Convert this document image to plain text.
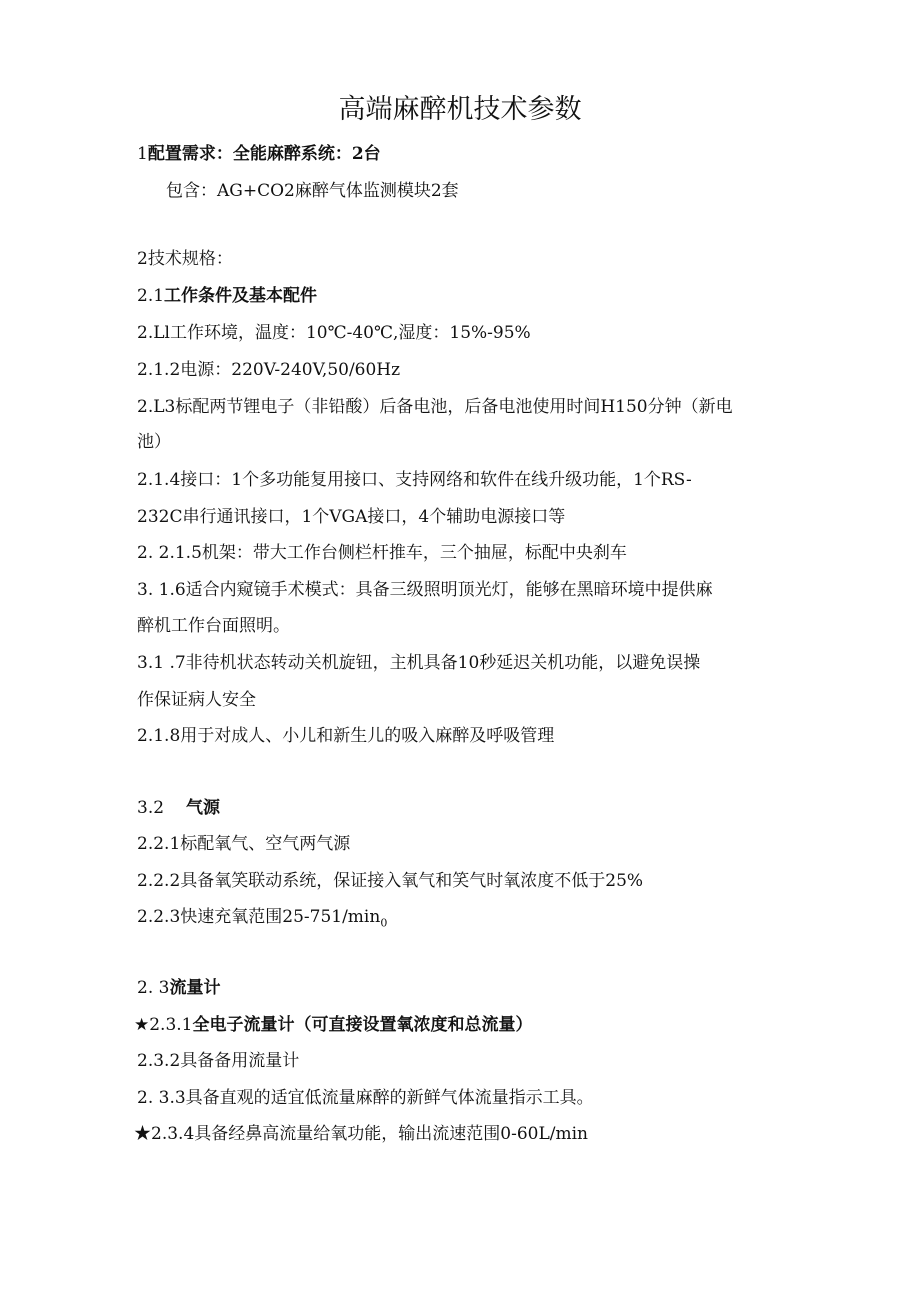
高端麻醉机技术参数
1配置需求：全能麻醉系统：2台
包含：AG+CO2麻醉气体监测模块2套
2技术规格：
2.1工作条件及基本配件
2.Ll工作环境，温度：10℃-40℃,湿度：15%-95%
2.1.2电源：220V-240V,50/60Hz
2.L3标配两节锂电子（非铅酸）后备电池，后备电池使用时间H150分钟（新电
池）
2.1.4接口：1个多功能复用接口、支持网络和软件在线升级功能，1个RS-
232C串行通讯接口，1个VGA接口，4个辅助电源接口等
2. 2.1.5机架：带大工作台侧栏杆推车，三个抽屉，标配中央刹车
3. 1.6适合内窥镜手术模式：具备三级照明顶光灯，能够在黑暗环境中提供麻
醉机工作台面照明。
3.1 .7非待机状态转动关机旋钮，主机具备10秒延迟关机功能，以避免误操
作保证病人安全
2.1.8用于对成人、小儿和新生儿的吸入麻醉及呼吸管理
3.2 气源
2.2.1标配氧气、空气两气源
2.2.2具备氧笑联动系统，保证接入氧气和笑气时氧浓度不低于25%
2.2.3快速充氧范围$25-751/\min_0$
2. 3流量计
★2.3.1全电子流量计（可直接设置氧浓度和总流量）
2.3.2具备备用流量计
2. 3.3具备直观的适宜低流量麻醉的新鲜气体流量指示工具。
★2.3.4具备经鼻高流量给氧功能，输出流速范围0-60L/min
